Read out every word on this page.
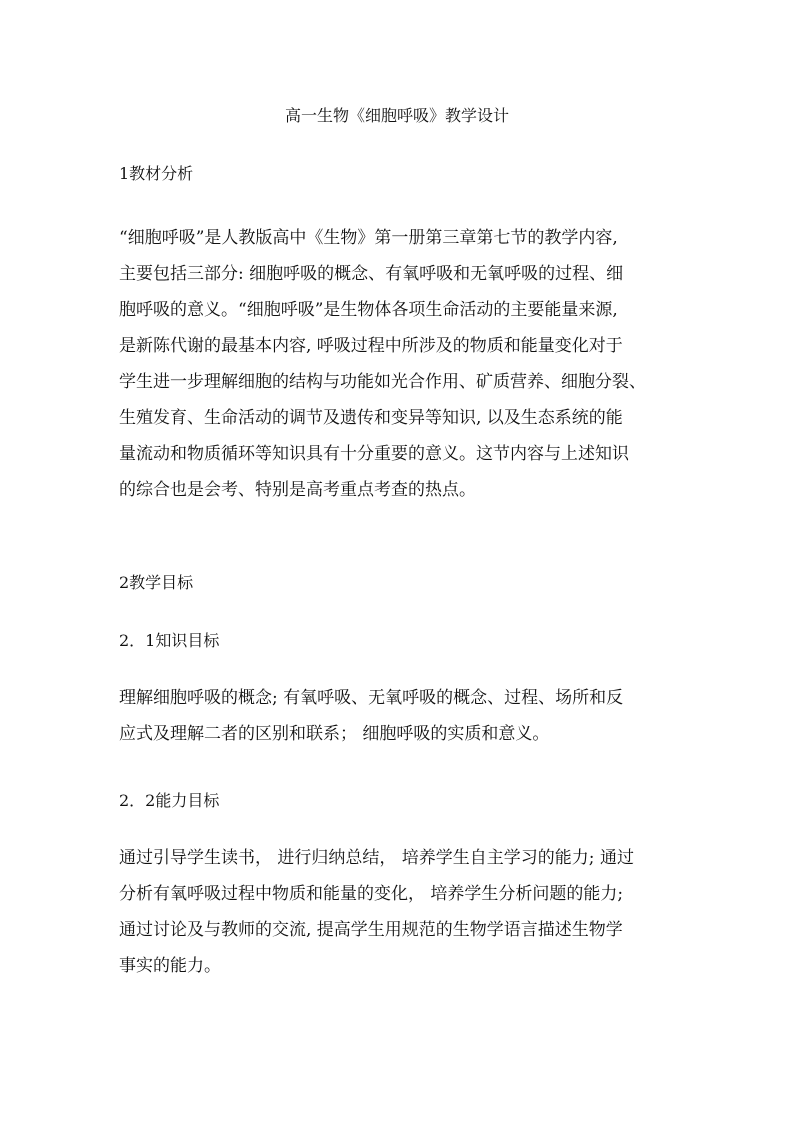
高一生物《细胞呼吸》教学设计
1教材分析
“细胞呼吸”是人教版高中《生物》第一册第三章第七节的教学内容,
主要包括三部分: 细胞呼吸的概念、有氧呼吸和无氧呼吸的过程、细
胞呼吸的意义。“细胞呼吸”是生物体各项生命活动的主要能量来源,
是新陈代谢的最基本内容, 呼吸过程中所涉及的物质和能量变化对于
学生进一步理解细胞的结构与功能如光合作用、矿质营养、细胞分裂、
生殖发育、生命活动的调节及遗传和变异等知识, 以及生态系统的能
量流动和物质循环等知识具有十分重要的意义。这节内容与上述知识
的综合也是会考、特别是高考重点考查的热点。
2教学目标
2．1知识目标
理解细胞呼吸的概念; 有氧呼吸、无氧呼吸的概念、过程、场所和反
应式及理解二者的区别和联系； 细胞呼吸的实质和意义。
2．2能力目标
通过引导学生读书， 进行归纳总结， 培养学生自主学习的能力; 通过
分析有氧呼吸过程中物质和能量的变化， 培养学生分析问题的能力;
通过讨论及与教师的交流, 提高学生用规范的生物学语言描述生物学
事实的能力。
